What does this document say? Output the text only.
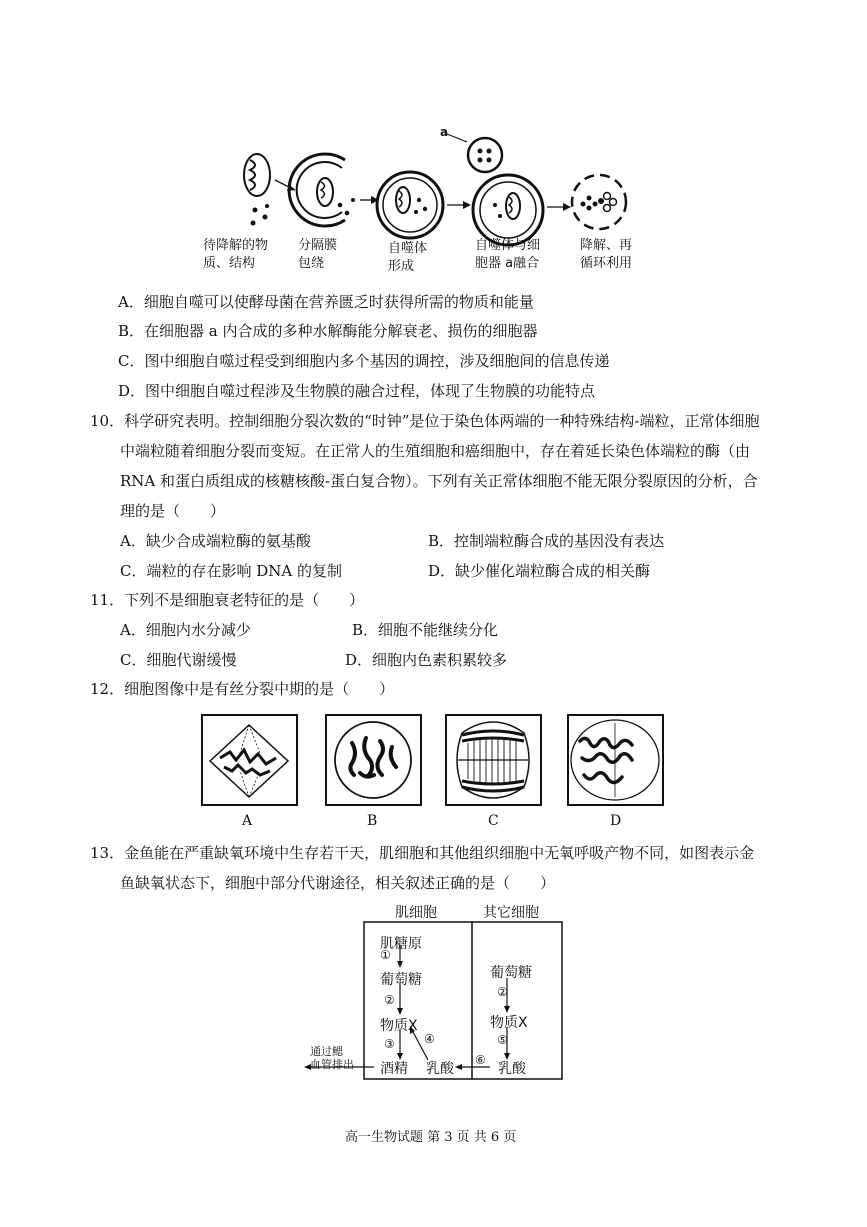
a
待降解的物
质、结构
分隔膜
包绕
自噬体
形成
自噬体与细
胞器 a融合
降解、再
循环利用
A．细胞自噬可以使酵母菌在营养匮乏时获得所需的物质和能量
B．在细胞器 a 内合成的多种水解酶能分解衰老、损伤的细胞器
C．图中细胞自噬过程受到细胞内多个基因的调控，涉及细胞间的信息传递
D．图中细胞自噬过程涉及生物膜的融合过程，体现了生物膜的功能特点
10．科学研究表明。控制细胞分裂次数的“时钟”是位于染色体两端的一种特殊结构-端粒，正常体细胞
中端粒随着细胞分裂而变短。在正常人的生殖细胞和癌细胞中，存在着延长染色体端粒的酶（由
RNA 和蛋白质组成的核糖核酸-蛋白复合物）。下列有关正常体细胞不能无限分裂原因的分析，合
理的是（　　）
A．缺少合成端粒酶的氨基酸	B．控制端粒酶合成的基因没有表达
C．端粒的存在影响 DNA 的复制	D．缺少催化端粒酶合成的相关酶
11．下列不是细胞衰老特征的是（　　）
A．细胞内水分减少	B．细胞不能继续分化
C．细胞代谢缓慢	D．细胞内色素积累较多
12．细胞图像中是有丝分裂中期的是（　　）
A	B	C	D
13．金鱼能在严重缺氧环境中生存若干天，肌细胞和其他组织细胞中无氧呼吸产物不同，如图表示金
鱼缺氧状态下，细胞中部分代谢途径，相关叙述正确的是（　　）
肌细胞	其它细胞
肌糖原
①
葡萄糖
②
物质X
③ ④
酒精 乳酸
葡萄糖
②
物质X
⑤
⑥
乳酸
通过鳃
血管排出
高一生物试题 第 3 页 共 6 页
